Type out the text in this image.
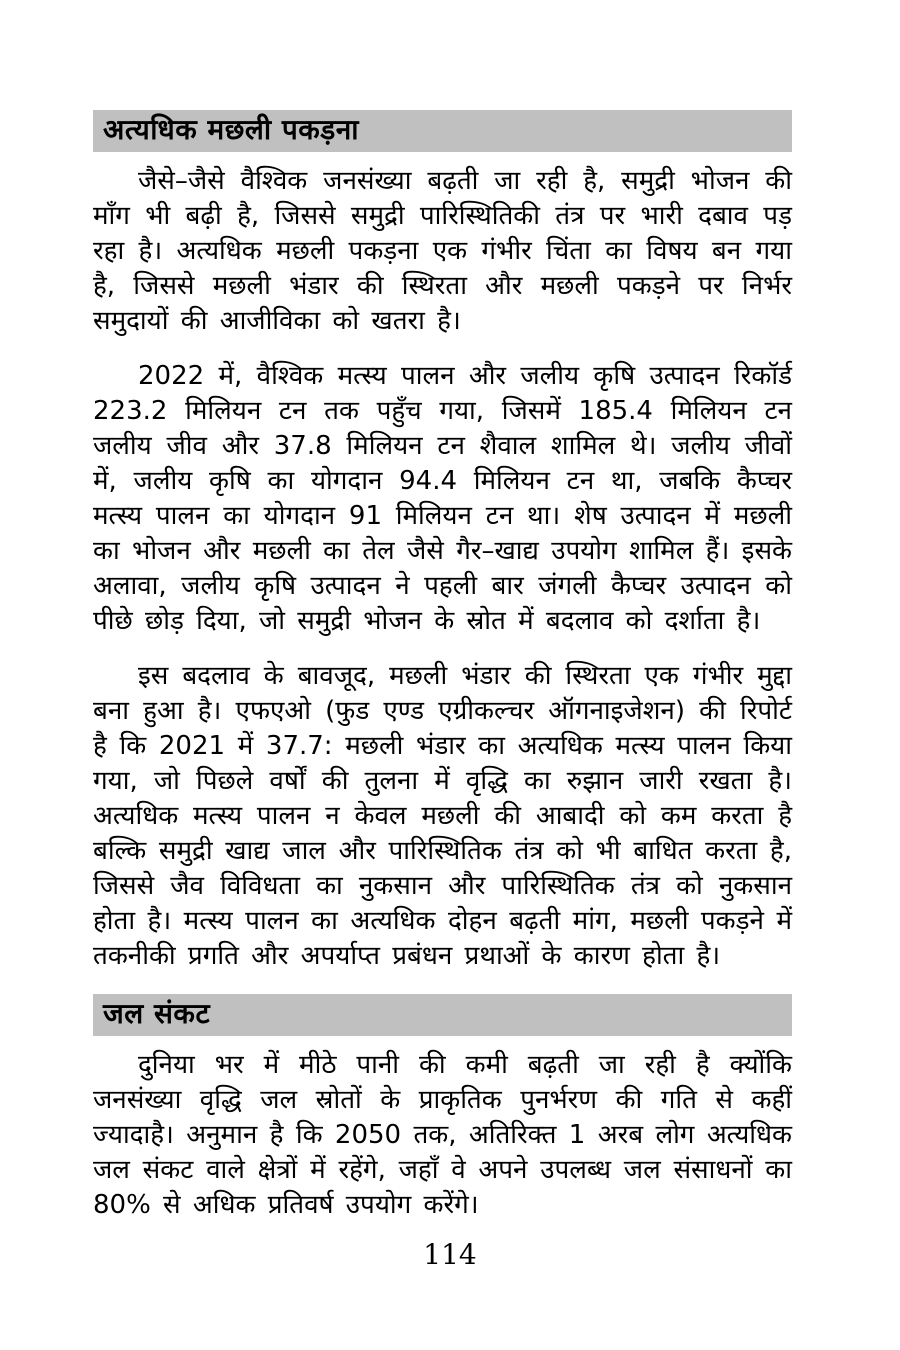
अत्यधिक मछली पकड़ना

जैसे–जैसे वैश्विक जनसंख्या बढ़ती जा रही है, समुद्री भोजन की माँग भी बढ़ी है, जिससे समुद्री पारिस्थितिकी तंत्र पर भारी दबाव पड़ रहा है। अत्यधिक मछली पकड़ना एक गंभीर चिंता का विषय बन गया है, जिससे मछली भंडार की स्थिरता और मछली पकड़ने पर निर्भर समुदायों की आजीविका को खतरा है।

2022 में, वैश्विक मत्स्य पालन और जलीय कृषि उत्पादन रिकॉर्ड 223.2 मिलियन टन तक पहुँच गया, जिसमें 185.4 मिलियन टन जलीय जीव और 37.8 मिलियन टन शैवाल शामिल थे। जलीय जीवों में, जलीय कृषि का योगदान 94.4 मिलियन टन था, जबकि कैप्चर मत्स्य पालन का योगदान 91 मिलियन टन था। शेष उत्पादन में मछली का भोजन और मछली का तेल जैसे गैर–खाद्य उपयोग शामिल हैं। इसके अलावा, जलीय कृषि उत्पादन ने पहली बार जंगली कैप्चर उत्पादन को पीछे छोड़ दिया, जो समुद्री भोजन के स्रोत में बदलाव को दर्शाता है।

इस बदलाव के बावजूद, मछली भंडार की स्थिरता एक गंभीर मुद्दा बना हुआ है। एफएओ (फुड एण्ड एग्रीकल्चर ऑगनाइजेशन) की रिपोर्ट है कि 2021 में 37.7: मछली भंडार का अत्यधिक मत्स्य पालन किया गया, जो पिछले वर्षों की तुलना में वृद्धि का रुझान जारी रखता है। अत्यधिक मत्स्य पालन न केवल मछली की आबादी को कम करता है बल्कि समुद्री खाद्य जाल और पारिस्थितिक तंत्र को भी बाधित करता है, जिससे जैव विविधता का नुकसान और पारिस्थितिक तंत्र को नुकसान होता है। मत्स्य पालन का अत्यधिक दोहन बढ़ती मांग, मछली पकड़ने में तकनीकी प्रगति और अपर्याप्त प्रबंधन प्रथाओं के कारण होता है।

जल संकट

दुनिया भर में मीठे पानी की कमी बढ़ती जा रही है क्योंकि जनसंख्या वृद्धि जल स्रोतों के प्राकृतिक पुनर्भरण की गति से कहीं ज्यादाहै। अनुमान है कि 2050 तक, अतिरिक्त 1 अरब लोग अत्यधिक जल संकट वाले क्षेत्रों में रहेंगे, जहाँ वे अपने उपलब्ध जल संसाधनों का 80% से अधिक प्रतिवर्ष उपयोग करेंगे।

114
